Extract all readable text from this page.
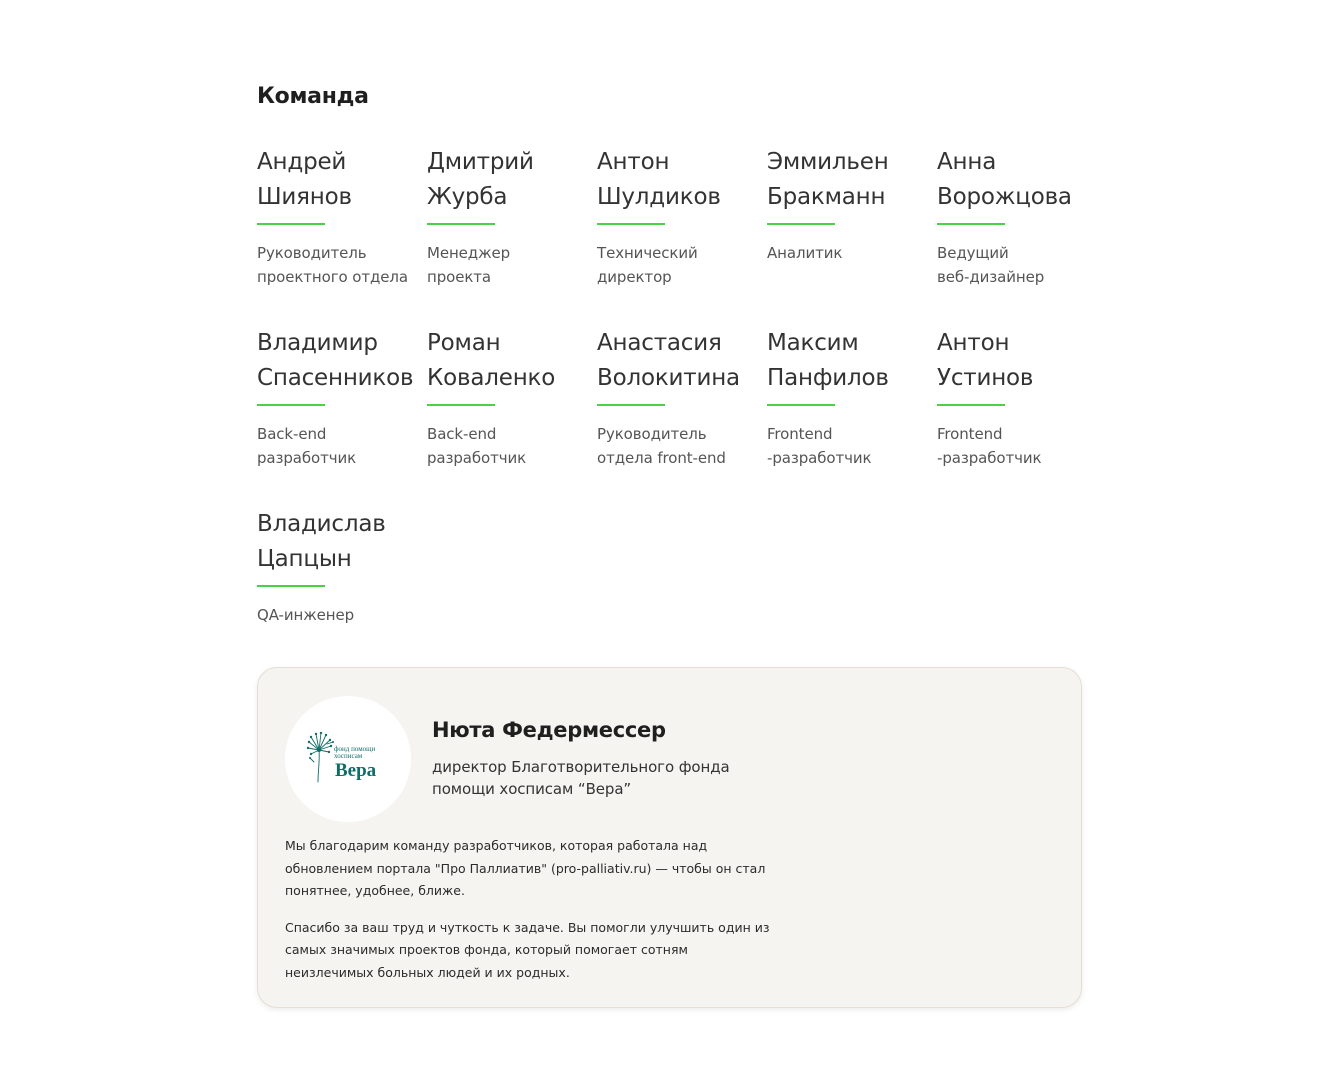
Команда
Андрей
Шиянов
Руководитель
проектного отдела
Дмитрий
Журба
Менеджер
проекта
Антон
Шулдиков
Технический
директор
Эммильен
Бракманн
Аналитик
Анна
Ворожцова
Ведущий
веб-дизайнер
Владимир
Спасенников
Back-end
разработчик
Роман
Коваленко
Back-end
разработчик
Анастасия
Волокитина
Руководитель
отдела front-end
Максим
Панфилов
Frontend
-разработчик
Антон
Устинов
Frontend
-разработчик
Владислав
Цапцын
QA-инженер
фонд помощи
хосписам
Вера
Нюта Федермессер
директор Благотворительного фонда помощи хосписам “Вера”

Мы благодарим команду разработчиков, которая работала над обновлением портала "Про Паллиатив" (pro-palliativ.ru) — чтобы он стал понятнее, удобнее, ближе.

Спасибо за ваш труд и чуткость к задаче. Вы помогли улучшить один из самых значимых проектов фонда, который помогает сотням неизлечимых больных людей и их родных.
